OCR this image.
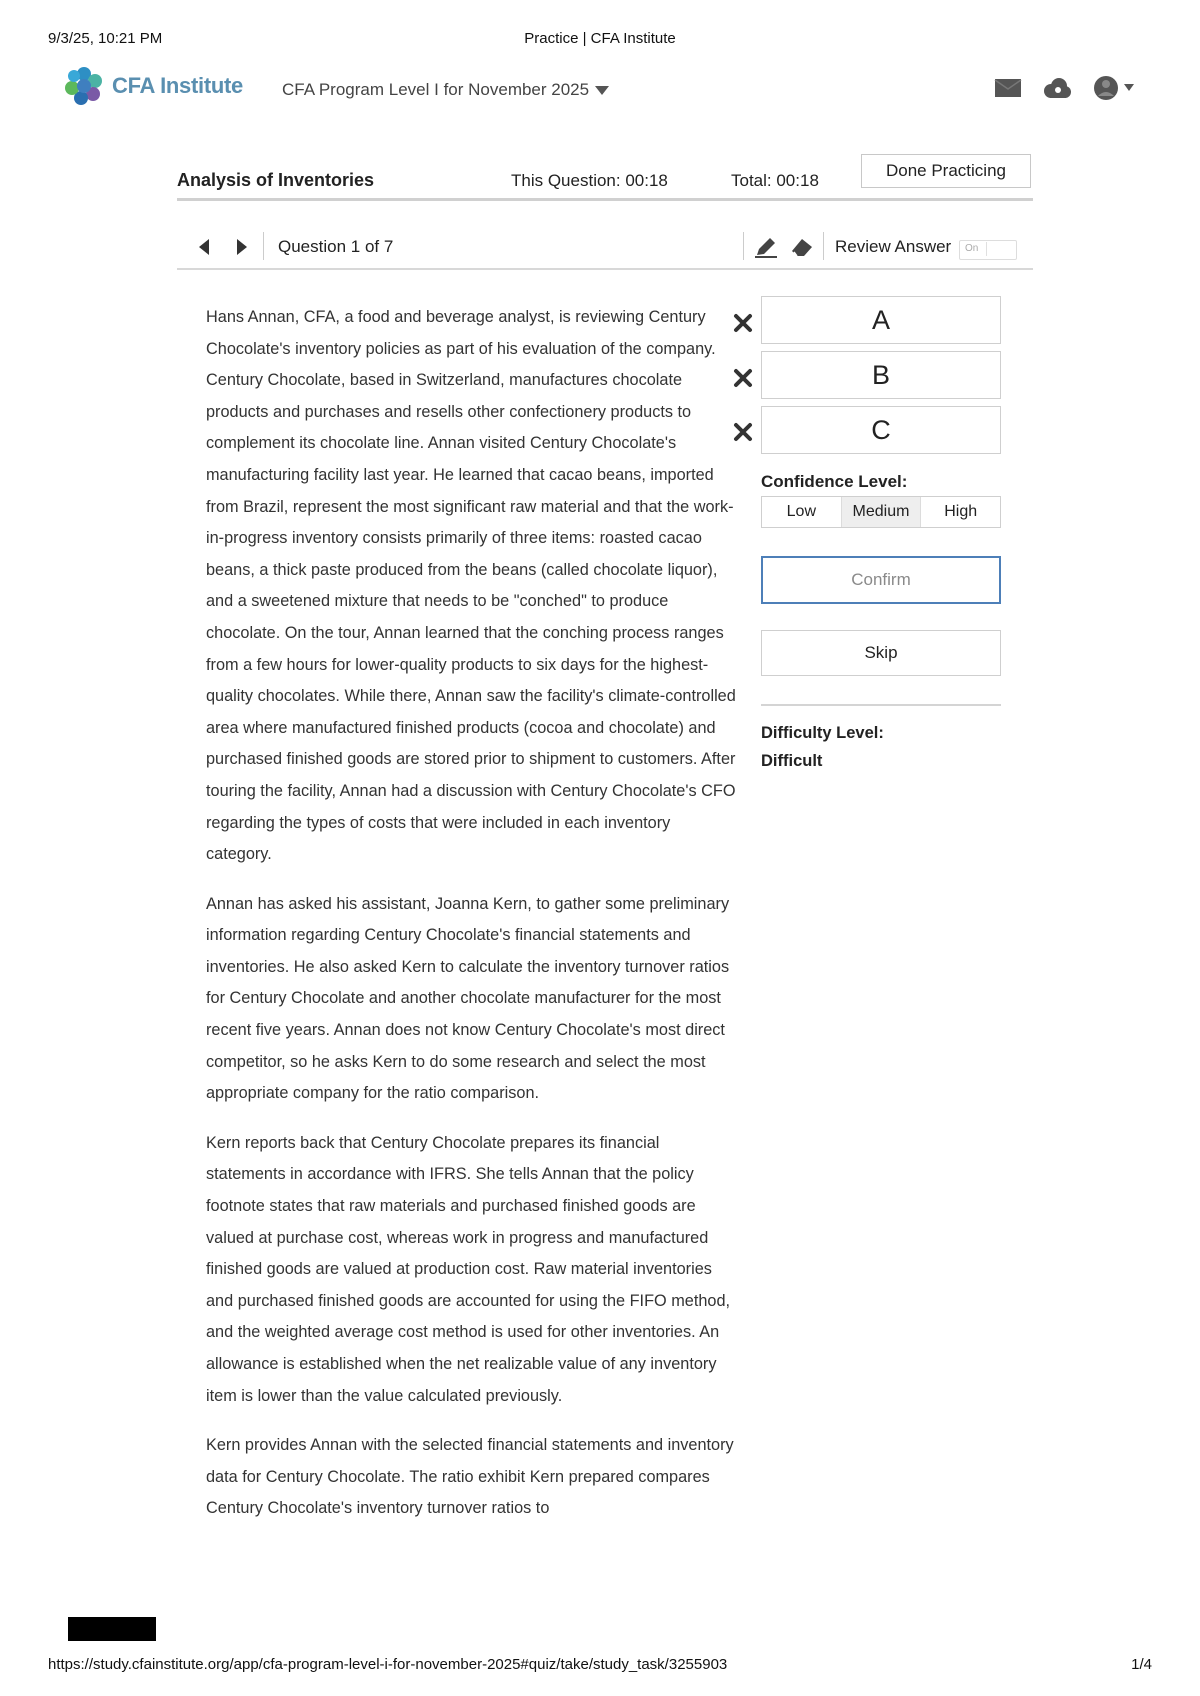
9/3/25, 10:21 PM	Practice | CFA Institute
CFA Institute CFA Program Level I for November 2025
Analysis of Inventories	This Question: 00:18	Total: 00:18
Done Practicing
Question 1 of 7	Review Answer On

Hans Annan, CFA, a food and beverage analyst, is reviewing Century Chocolate's inventory policies as part of his evaluation of the company. Century Chocolate, based in Switzerland, manufactures chocolate products and purchases and resells other confectionery products to complement its chocolate line. Annan visited Century Chocolate's manufacturing facility last year. He learned that cacao beans, imported from Brazil, represent the most significant raw material and that the work-in-progress inventory consists primarily of three items: roasted cacao beans, a thick paste produced from the beans (called chocolate liquor), and a sweetened mixture that needs to be "conched" to produce chocolate. On the tour, Annan learned that the conching process ranges from a few hours for lower-quality products to six days for the highest-quality chocolates. While there, Annan saw the facility's climate-controlled area where manufactured finished products (cocoa and chocolate) and purchased finished goods are stored prior to shipment to customers. After touring the facility, Annan had a discussion with Century Chocolate's CFO regarding the types of costs that were included in each inventory category.

Annan has asked his assistant, Joanna Kern, to gather some preliminary information regarding Century Chocolate's financial statements and inventories. He also asked Kern to calculate the inventory turnover ratios for Century Chocolate and another chocolate manufacturer for the most recent five years. Annan does not know Century Chocolate's most direct competitor, so he asks Kern to do some research and select the most appropriate company for the ratio comparison.

Kern reports back that Century Chocolate prepares its financial statements in accordance with IFRS. She tells Annan that the policy footnote states that raw materials and purchased finished goods are valued at purchase cost, whereas work in progress and manufactured finished goods are valued at production cost. Raw material inventories and purchased finished goods are accounted for using the FIFO method, and the weighted average cost method is used for other inventories. An allowance is established when the net realizable value of any inventory item is lower than the value calculated previously.

Kern provides Annan with the selected financial statements and inventory data for Century Chocolate. The ratio exhibit Kern prepared compares Century Chocolate's inventory turnover ratios to

A
B
C
Confidence Level:
Low	Medium	High
Confirm
Skip
Difficulty Level:
Difficult
https://study.cfainstitute.org/app/cfa-program-level-i-for-november-2025#quiz/take/study_task/3255903	1/4
